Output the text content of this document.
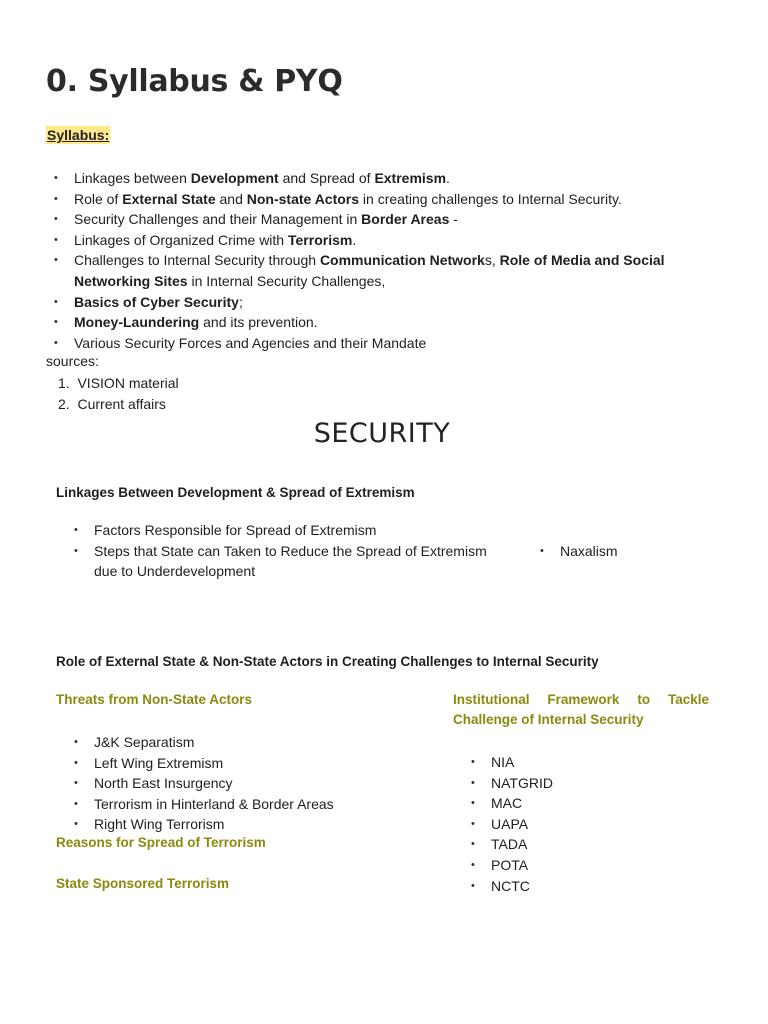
0. Syllabus & PYQ
Syllabus:
• Linkages between Development and Spread of Extremism.
• Role of External State and Non-state Actors in creating challenges to Internal Security.
• Security Challenges and their Management in Border Areas -
• Linkages of Organized Crime with Terrorism.
• Challenges to Internal Security through Communication Networks, Role of Media and Social Networking Sites in Internal Security Challenges,
• Basics of Cyber Security;
• Money-Laundering and its prevention.
• Various Security Forces and Agencies and their Mandate
sources:
1.  VISION material
2.  Current affairs
SECURITY
Linkages Between Development & Spread of Extremism
• Factors Responsible for Spread of Extremism
• Steps that State can Taken to Reduce the Spread of Extremism due to Underdevelopment
• Naxalism
Role of External State & Non-State Actors in Creating Challenges to Internal Security
Threats from Non-State Actors
• J&K Separatism
• Left Wing Extremism
• North East Insurgency
• Terrorism in Hinterland & Border Areas
• Right Wing Terrorism
Reasons for Spread of Terrorism
State Sponsored Terrorism
Institutional Framework to Tackle
Challenge of Internal Security
• NIA
• NATGRID
• MAC
• UAPA
• TADA
• POTA
• NCTC
